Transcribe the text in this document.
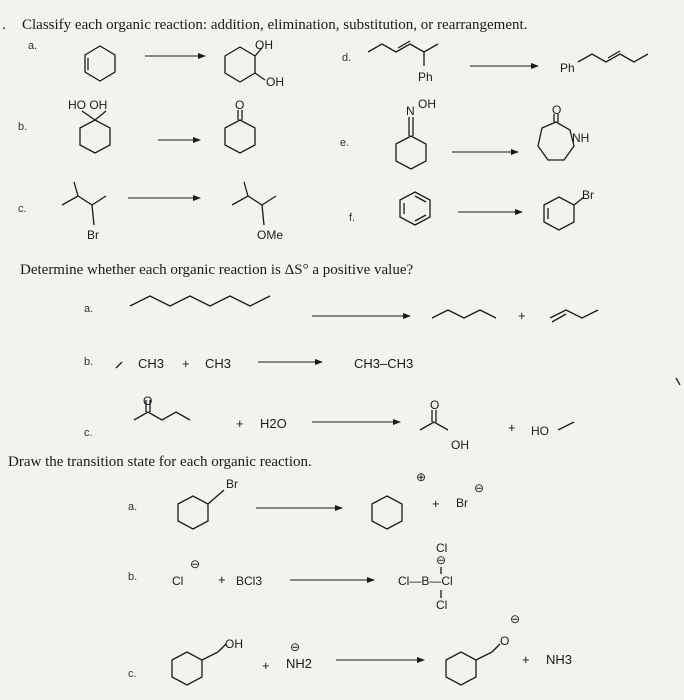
. Classify each organic reaction: addition, elimination, substitution, or rearrangement.
a.
b.
c.
d.
e.
f.
OH
OH
HO OH	O
Br	OMe
Ph
Ph
N OH	O
NH
Br
Determine whether each organic reaction is ΔS° a positive value?
a.
b.
c.
+
CH3 + CH3	CH3–CH3
O
+ H2O
O
OH
+ HO
Draw the transition state for each organic reaction.
a.
b.
c.
Br	⊕
+ Br
⊖
Cl
⊖
+ BCl3
Cl
⊖
Cl—B—Cl
Cl
OH
+
⊖
NH2
O
⊖
+ NH3
